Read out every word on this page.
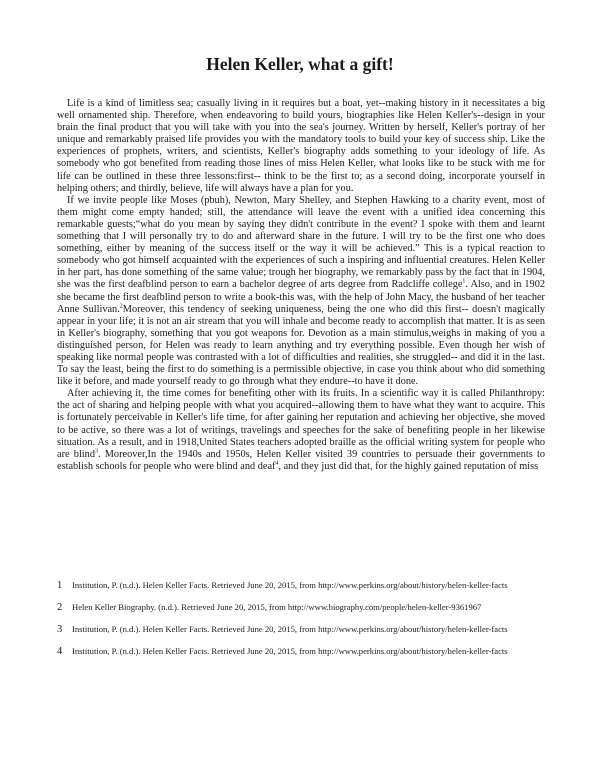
Helen Keller, what a gift!

Life is a kind of limitless sea; casually living in it requires but a boat, yet--making history in it necessitates a big well ornamented ship. Therefore, when endeavoring to build yours, biographies like Helen Keller's--design in your brain the final product that you will take with you into the sea's journey. Written by herself, Keller's portray of her unique and remarkably praised life provides you with the mandatory tools to build your key of success ship. Like the experiences of prophets, writers, and scientists, Keller's biography adds something to your ideology of life. As somebody who got benefited from reading those lines of miss Helen Keller, what looks like to be stuck with me for life can be outlined in these three lessons:first-- think to be the first to; as a second doing, incorporate yourself in helping others; and thirdly, believe, life will always have a plan for you.

If we invite people like Moses (pbuh), Newton, Mary Shelley, and Stephen Hawking to a charity event, most of them might come empty handed; still, the attendance will leave the event with a unified idea concerning this remarkable guests;“what do you mean by saying they didn't contribute in the event? I spoke with them and learnt something that I will personally try to do and afterward share in the future. I will try to be the first one who does something, either by meaning of the success itself or the way it will be achieved.” This is a typical reaction to somebody who got himself acquainted with the experiences of such a inspiring and influential creatures. Helen Keller in her part, has done something of the same value; trough her biography, we remarkably pass by the fact that in 1904, she was the first deafblind person to earn a bachelor degree of arts degree from Radcliffe college$^1$. Also, and in 1902 she became the first deafblind person to write a book-this was, with the help of John Macy, the husband of her teacher Anne Sullivan.$^2$Moreover, this tendency of seeking uniqueness, being the one who did this first-- doesn't magically appear in your life; it is not an air stream that you will inhale and become ready to accomplish that matter. It is as seen in Keller's biography, something that you got weapons for. Devotion as a main stimulus,weighs in making of you a distinguished person, for Helen was ready to learn anything and try everything possible. Even though her wish of speaking like normal people was contrasted with a lot of difficulties and realities, she struggled-- and did it in the last. To say the least, being the first to do something is a permissible objective, in case you think about who did something like it before, and made yourself ready to go through what they endure--to have it done.

After achieving it, the time comes for benefiting other with its fruits. In a scientific way it is called Philanthropy: the act of sharing and helping people with what you acquired--allowing them to have what they want to acquire. This is fortunately perceivable in Keller's life time, for after gaining her reputation and achieving her objective, she moved to be active, so there was a lot of writings, travelings and speeches for the sake of benefiting people in her likewise situation. As a result, and in 1918,United States teachers adopted braille as the official writing system for people who are blind$^3$. Moreover,In the 1940s and 1950s, Helen Keller visited 39 countries to persuade their governments to establish schools for people who were blind and deaf$^4$, and they just did that, for the highly gained reputation of miss

1	Institution, P. (n.d.). Helen Keller Facts. Retrieved June 20, 2015, from http://www.perkins.org/about/history/helen-keller-facts
2	Helen Keller Biography. (n.d.). Retrieved June 20, 2015, from http://www.biography.com/people/helen-keller-9361967
3	Institution, P. (n.d.). Helen Keller Facts. Retrieved June 20, 2015, from http://www.perkins.org/about/history/helen-keller-facts
4	Institution, P. (n.d.). Helen Keller Facts. Retrieved June 20, 2015, from http://www.perkins.org/about/history/helen-keller-facts
